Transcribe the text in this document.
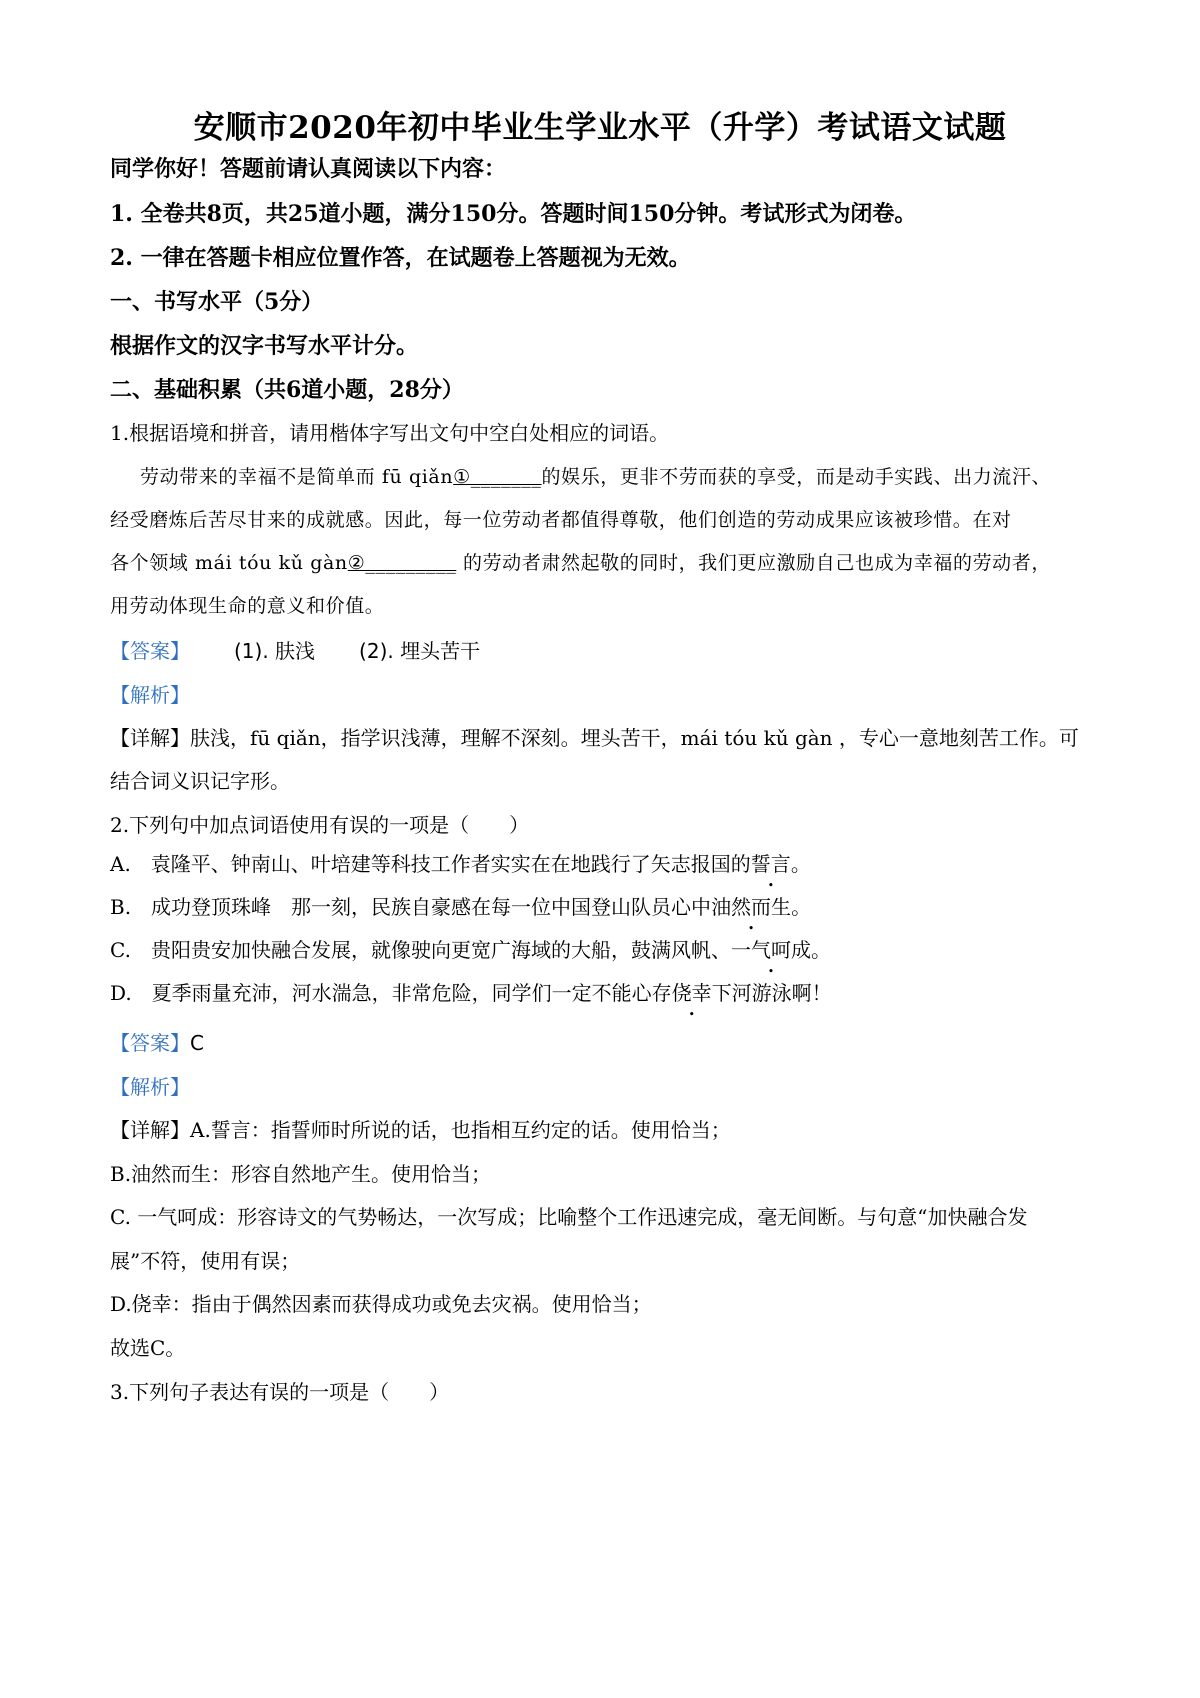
安顺市2020年初中毕业生学业水平（升学）考试语文试题
同学你好！答题前请认真阅读以下内容：
1. 全卷共8页，共25道小题，满分150分。答题时间150分钟。考试形式为闭卷。
2. 一律在答题卡相应位置作答，在试题卷上答题视为无效。
一、书写水平（5分）
根据作文的汉字书写水平计分。
二、基础积累（共6道小题，28分）
1.根据语境和拼音，请用楷体字写出文句中空白处相应的词语。
劳动带来的幸福不是简单而 fū qiǎn①_______的娱乐，更非不劳而获的享受，而是动手实践、出力流汗、
经受磨炼后苦尽甘来的成就感。因此，每一位劳动者都值得尊敬，他们创造的劳动成果应该被珍惜。在对
各个领域 mái tóu kǔ gàn②_________ 的劳动者肃然起敬的同时，我们更应激励自己也成为幸福的劳动者，
用劳动体现生命的意义和价值。
【答案】 (1). 肤浅 (2). 埋头苦干
【解析】
【详解】肤浅，fū qiǎn，指学识浅薄，理解不深刻。埋头苦干，mái tóu kǔ gàn ，专心一意地刻苦工作。可
结合词义识记字形。
2.下列句中加点词语使用有误的一项是（　　）
A.　袁隆平、钟南山、叶培建等科技工作者实实在在地践行了矢志报国的誓言。
B.　成功登顶珠峰　那一刻，民族自豪感在每一位中国登山队员心中油然而生。
C.　贵阳贵安加快融合发展，就像驶向更宽广海域的大船，鼓满风帆、一气呵成。
D.　夏季雨量充沛，河水湍急，非常危险，同学们一定不能心存侥幸下河游泳啊！
【答案】C
【解析】
【详解】A.誓言：指誓师时所说的话，也指相互约定的话。使用恰当；
B.油然而生：形容自然地产生。使用恰当；
C. 一气呵成：形容诗文的气势畅达，一次写成；比喻整个工作迅速完成，毫无间断。与句意“加快融合发
展”不符，使用有误；
D.侥幸：指由于偶然因素而获得成功或免去灾祸。使用恰当；
故选C。
3.下列句子表达有误的一项是（　　）
